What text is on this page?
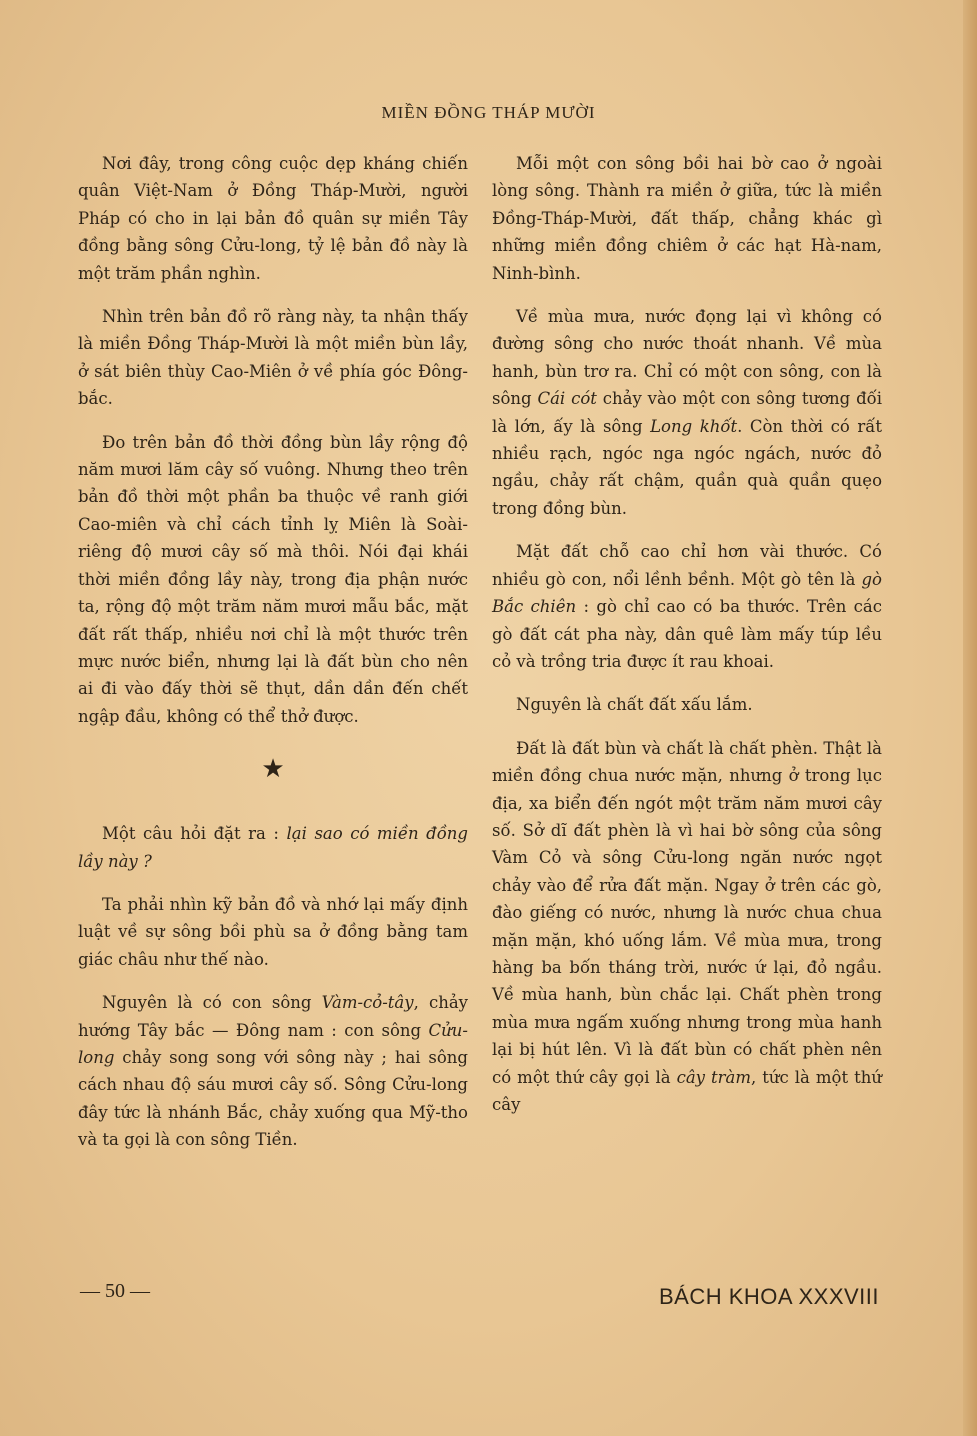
MIỀN ĐỒNG THÁP MƯỜI

Nơi đây, trong công cuộc dẹp kháng chiến quân Việt-Nam ở Đồng Tháp-Mười, người Pháp có cho in lại bản đồ quân sự miền Tây đồng bằng sông Cửu-long, tỷ lệ bản đồ này là một trăm phần nghìn.

Nhìn trên bản đồ rõ ràng này, ta nhận thấy là miền Đồng Tháp-Mười là một miền bùn lầy, ở sát biên thùy Cao-Miên ở về phía góc Đông-bắc.

Đo trên bản đồ thời đồng bùn lầy rộng độ năm mươi lăm cây số vuông. Nhưng theo trên bản đồ thời một phần ba thuộc về ranh giới Cao-miên và chỉ cách tỉnh lỵ Miên là Soài-riêng độ mươi cây số mà thôi. Nói đại khái thời miền đồng lầy này, trong địa phận nước ta, rộng độ một trăm năm mươi mẫu bắc, mặt đất rất thấp, nhiều nơi chỉ là một thước trên mực nước biển, nhưng lại là đất bùn cho nên ai đi vào đấy thời sẽ thụt, dần dần đến chết ngập đầu, không có thể thở được.

★

Một câu hỏi đặt ra : lại sao có miền đồng lầy này ?

Ta phải nhìn kỹ bản đồ và nhớ lại mấy định luật về sự sông bồi phù sa ở đồng bằng tam giác châu như thế nào.

Nguyên là có con sông Vàm-cỏ-tây, chảy hướng Tây bắc — Đông nam : con sông Cửu-long chảy song song với sông này ; hai sông cách nhau độ sáu mươi cây số. Sông Cửu-long đây tức là nhánh Bắc, chảy xuống qua Mỹ-tho và ta gọi là con sông Tiền.

Mỗi một con sông bồi hai bờ cao ở ngoài lòng sông. Thành ra miền ở giữa, tức là miền Đồng-Tháp-Mười, đất thấp, chẳng khác gì những miền đồng chiêm ở các hạt Hà-nam, Ninh-bình.

Về mùa mưa, nước đọng lại vì không có đường sông cho nước thoát nhanh. Về mùa hanh, bùn trơ ra. Chỉ có một con sông, con là sông Cái cót chảy vào một con sông tương đối là lớn, ấy là sông Long khốt. Còn thời có rất nhiều rạch, ngóc nga ngóc ngách, nước đỏ ngầu, chảy rất chậm, quần quà quần quẹo trong đồng bùn.

Mặt đất chỗ cao chỉ hơn vài thước. Có nhiều gò con, nổi lềnh bềnh. Một gò tên là gò Bắc chiên : gò chỉ cao có ba thước. Trên các gò đất cát pha này, dân quê làm mấy túp lều cỏ và trồng tria được ít rau khoai.

Nguyên là chất đất xấu lắm.

Đất là đất bùn và chất là chất phèn. Thật là miền đồng chua nước mặn, nhưng ở trong lục địa, xa biển đến ngót một trăm năm mươi cây số. Sở dĩ đất phèn là vì hai bờ sông của sông Vàm Cỏ và sông Cửu-long ngăn nước ngọt chảy vào để rửa đất mặn. Ngay ở trên các gò, đào giếng có nước, nhưng là nước chua chua mặn mặn, khó uống lắm. Về mùa mưa, trong hàng ba bốn tháng trời, nước ứ lại, đỏ ngầu. Về mùa hanh, bùn chắc lại. Chất phèn trong mùa mưa ngấm xuống nhưng trong mùa hanh lại bị hút lên. Vì là đất bùn có chất phèn nên có một thứ cây gọi là cây tràm, tức là một thứ cây

— 50 —	BÁCH KHOA XXXVIII
